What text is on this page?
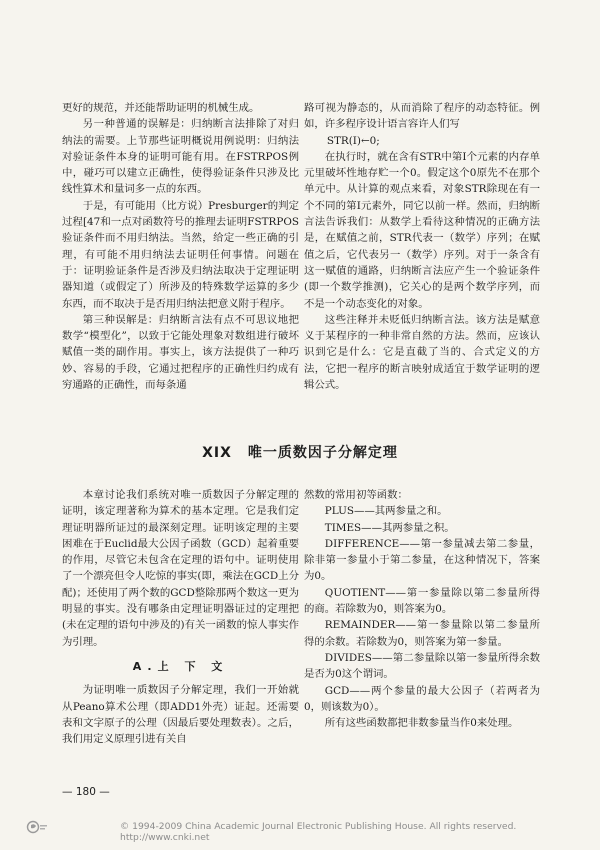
更好的规范，并还能帮助证明的机械生成。

另一种普通的误解是：归纳断言法排除了对归纳法的需要。上节那些证明概说用例说明：归纳法对验证条件本身的证明可能有用。在FSTRPOS例中，碰巧可以建立正确性，使得验证条件只涉及比线性算术和量词多一点的东西。

于是，有可能用（比方说）Presburger的判定过程[47和一点对函数符号的推理去证明FSTRPOS验证条件而不用归纳法。当然，给定一些正确的引理，有可能不用归纳法去证明任何事情。问题在于：证明验证条件是否涉及归纳法取决于定理证明器知道（或假定了）所涉及的特殊数学运算的多少东西，而不取决于是否用归纳法把意义附于程序。

第三种误解是：归纳断言法有点不可思议地把数学“模型化”，以致于它能处理象对数组进行破坏赋值一类的副作用。事实上，该方法提供了一种巧妙、容易的手段，它通过把程序的正确性归约成有穷通路的正确性，而每条通

路可视为静态的，从而消除了程序的动态特征。例如，许多程序设计语言容许人们写

STR(I)←0;

在执行时，就在含有STR中第I个元素的内存单元里破坏性地存贮一个0。假定这个0原先不在那个单元中。从计算的观点来看，对象STR除现在有一个不同的第I元素外，同它以前一样。然而，归纳断言法告诉我们：从数学上看待这种情况的正确方法是，在赋值之前，STR代表一（数学）序列；在赋值之后，它代表另一（数学）序列。对于一条含有这一赋值的通路，归纳断言法应产生一个验证条件(即一个数学推测)，它关心的是两个数学序列，而不是一个动态变化的对象。

这些注释并未贬低归纳断言法。该方法是赋意义于某程序的一种非常自然的方法。然而，应该认识到它是什么：它是直截了当的、合式定义的方法，它把一程序的断言映射成适宜于数学证明的逻辑公式。

XIX 唯一质数因子分解定理

本章讨论我们系统对唯一质数因子分解定理的证明，该定理著称为算术的基本定理。它是我们定理证明器所证过的最深刻定理。证明该定理的主要困难在于Euclid最大公因子函数（GCD）起着重要的作用，尽管它未包含在定理的语句中。证明使用了一个漂亮但令人吃惊的事实(即，乘法在GCD上分配)；还使用了两个数的GCD整除那两个数这一更为明显的事实。没有哪条由定理证明器证过的定理把(未在定理的语句中涉及的)有关一函数的惊人事实作为引理。

A.上 下 文

为证明唯一质数因子分解定理，我们一开始就从Peano算术公理（即ADD1外壳）证起。还需要表和文字原子的公理（因最后要处理数表）。之后，我们用定义原理引进有关自

然数的常用初等函数：

PLUS——其两参量之和。

TIMES——其两参量之积。

DIFFERENCE——第一参量减去第二参量，除非第一参量小于第二参量，在这种情况下，答案为0。

QUOTIENT——第一参量除以第二参量所得的商。若除数为0，则答案为0。

REMAINDER——第一参量除以第二参量所得的余数。若除数为0，则答案为第一参量。

DIVIDES——第二参量除以第一参量所得余数是否为0这个谓词。

GCD——两个参量的最大公因子（若两者为0，则该数为0）。

所有这些函数都把非数参量当作0来处理。

— 180 —
© 1994-2009 China Academic Journal Electronic Publishing House. All rights reserved. http://www.cnki.net
